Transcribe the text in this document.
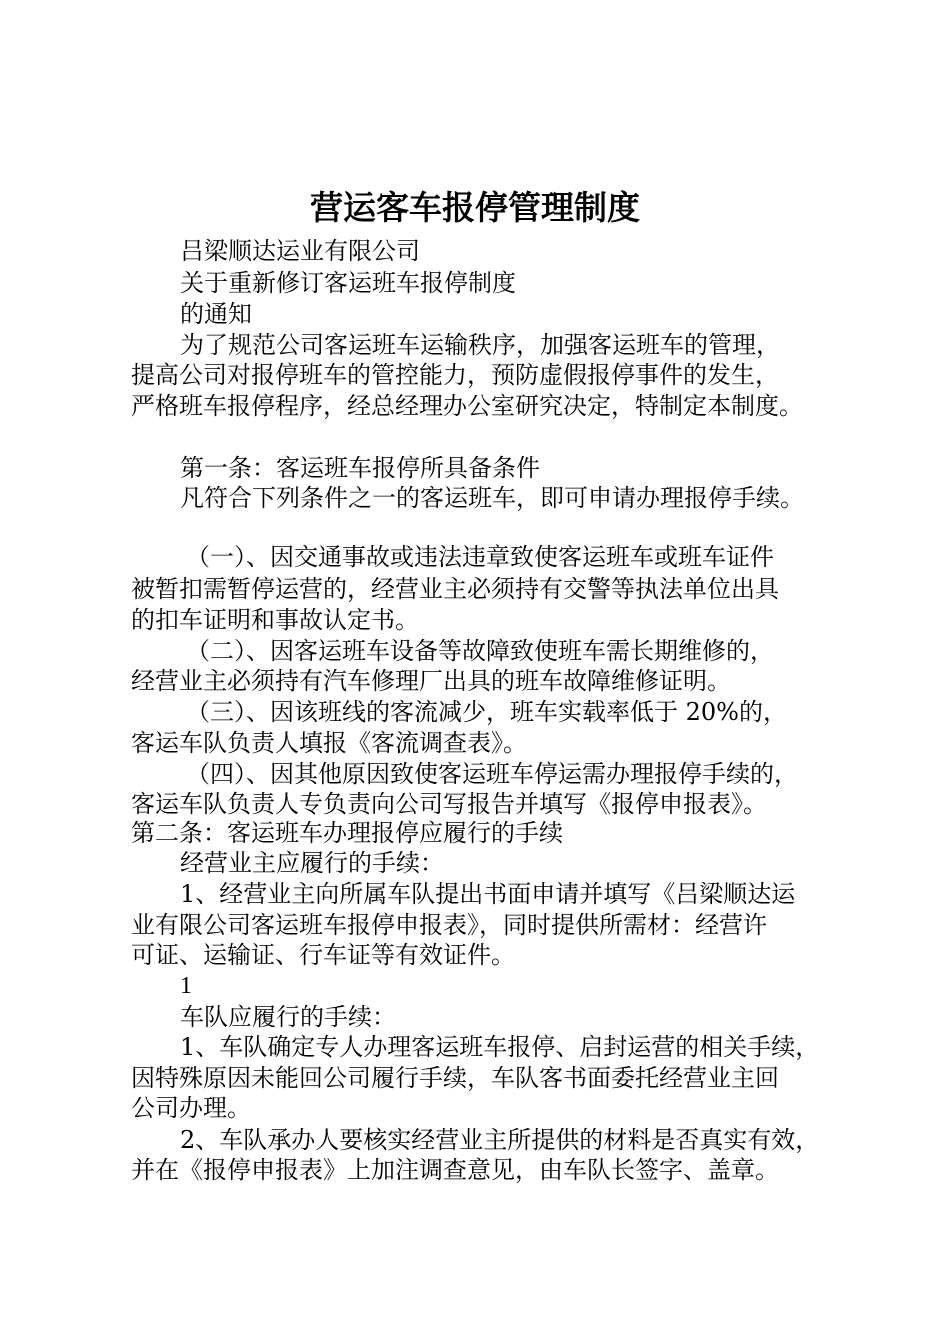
营运客车报停管理制度
吕梁顺达运业有限公司
关于重新修订客运班车报停制度
的通知
为了规范公司客运班车运输秩序，加强客运班车的管理，
提高公司对报停班车的管控能力，预防虚假报停事件的发生，
严格班车报停程序，经总经理办公室研究决定，特制定本制度。
第一条：客运班车报停所具备条件
凡符合下列条件之一的客运班车，即可申请办理报停手续。
（一）、因交通事故或违法违章致使客运班车或班车证件
被暂扣需暂停运营的，经营业主必须持有交警等执法单位出具
的扣车证明和事故认定书。
（二）、因客运班车设备等故障致使班车需长期维修的，
经营业主必须持有汽车修理厂出具的班车故障维修证明。
（三）、因该班线的客流减少，班车实载率低于 20%的，
客运车队负责人填报《客流调查表》。
（四）、因其他原因致使客运班车停运需办理报停手续的，
客运车队负责人专负责向公司写报告并填写《报停申报表》。
第二条：客运班车办理报停应履行的手续
经营业主应履行的手续：
1、经营业主向所属车队提出书面申请并填写《吕梁顺达运
业有限公司客运班车报停申报表》，同时提供所需材：经营许
可证、运输证、行车证等有效证件。
1
车队应履行的手续：
1、车队确定专人办理客运班车报停、启封运营的相关手续，
因特殊原因未能回公司履行手续，车队客书面委托经营业主回
公司办理。
2、车队承办人要核实经营业主所提供的材料是否真实有效，
并在《报停申报表》上加注调查意见，由车队长签字、盖章。
